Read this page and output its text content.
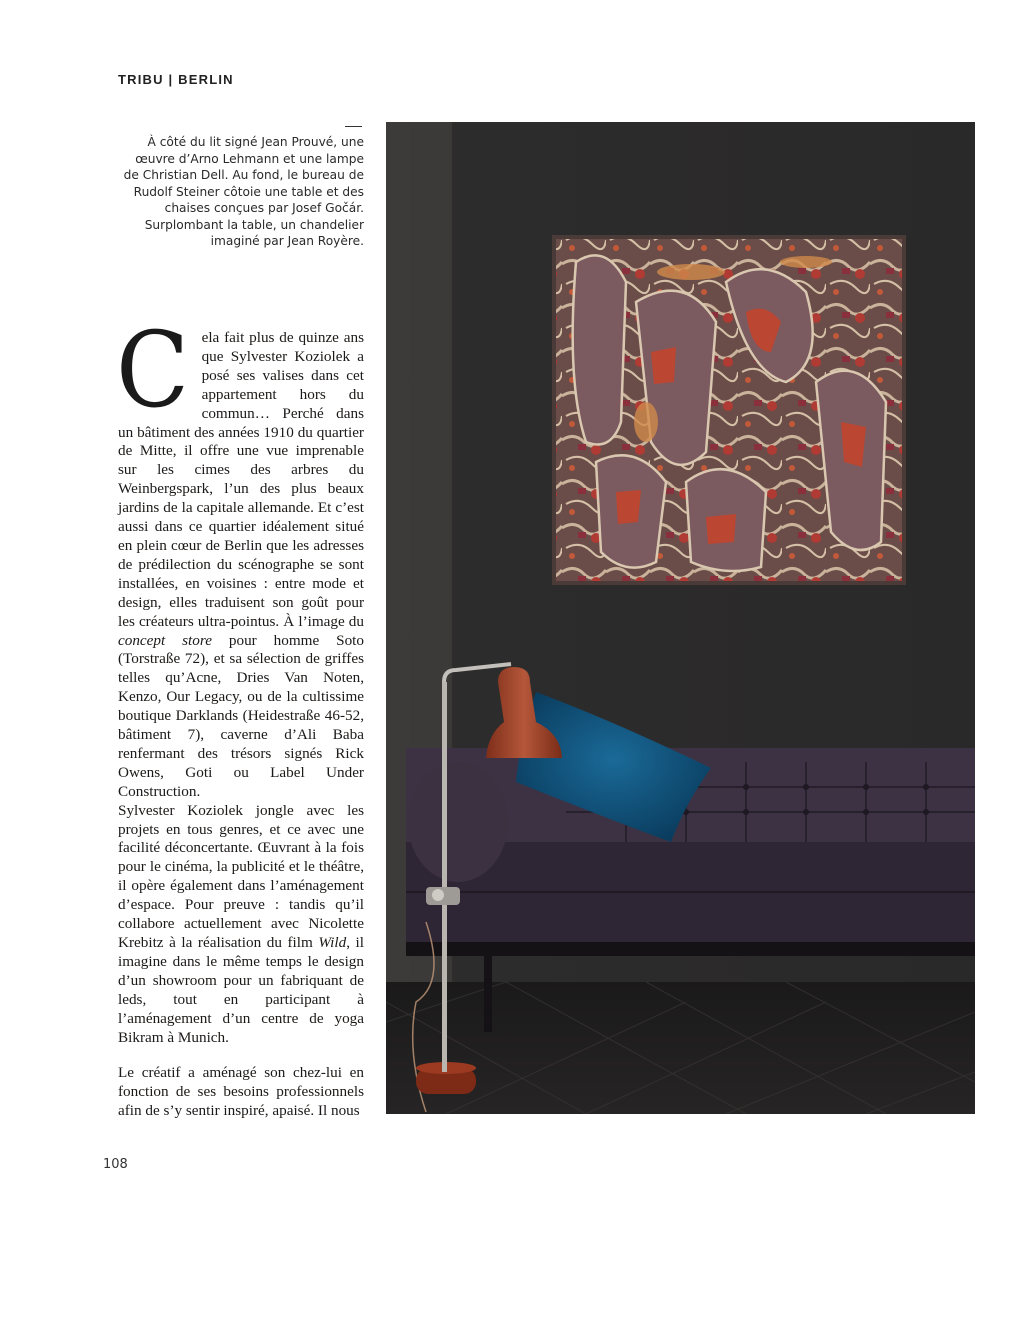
TRIBU | BERLIN

À côté du lit signé Jean Prouvé, une œuvre d’Arno Lehmann et une lampe de Christian Dell. Au fond, le bureau de Rudolf Steiner côtoie une table et des chaises conçues par Josef Gočár. Surplombant la table, un chandelier imaginé par Jean Royère.

Cela fait plus de quinze ans que Sylvester Koziolek a posé ses valises dans cet appartement hors du commun… Perché dans un bâtiment des années 1910 du quartier de Mitte, il offre une vue imprenable sur les cimes des arbres du Weinbergspark, l’un des plus beaux jardins de la capitale allemande. Et c’est aussi dans ce quartier idéalement situé en plein cœur de Berlin que les adresses de prédilection du scénographe se sont installées, en voisines : entre mode et design, elles traduisent son goût pour les créateurs ultra-pointus. À l’image du concept store pour homme Soto (Torstraße 72), et sa sélection de griffes telles qu’Acne, Dries Van Noten, Kenzo, Our Legacy, ou de la cultissime boutique Darklands (Heidestraße 46-52, bâtiment 7), caverne d’Ali Baba renfermant des trésors signés Rick Owens, Goti ou Label Under Construction.

Sylvester Koziolek jongle avec les projets en tous genres, et ce avec une facilité déconcertante. Œuvrant à la fois pour le cinéma, la publicité et le théâtre, il opère également dans l’aménagement d’espace. Pour preuve : tandis qu’il collabore actuellement avec Nicolette Krebitz à la réalisation du film Wild, il imagine dans le même temps le design d’un showroom pour un fabriquant de leds, tout en participant à l’aménagement d’un centre de yoga Bikram à Munich.

Le créatif a aménagé son chez-lui en fonction de ses besoins professionnels afin de s’y sentir inspiré, apaisé. Il nous

108
